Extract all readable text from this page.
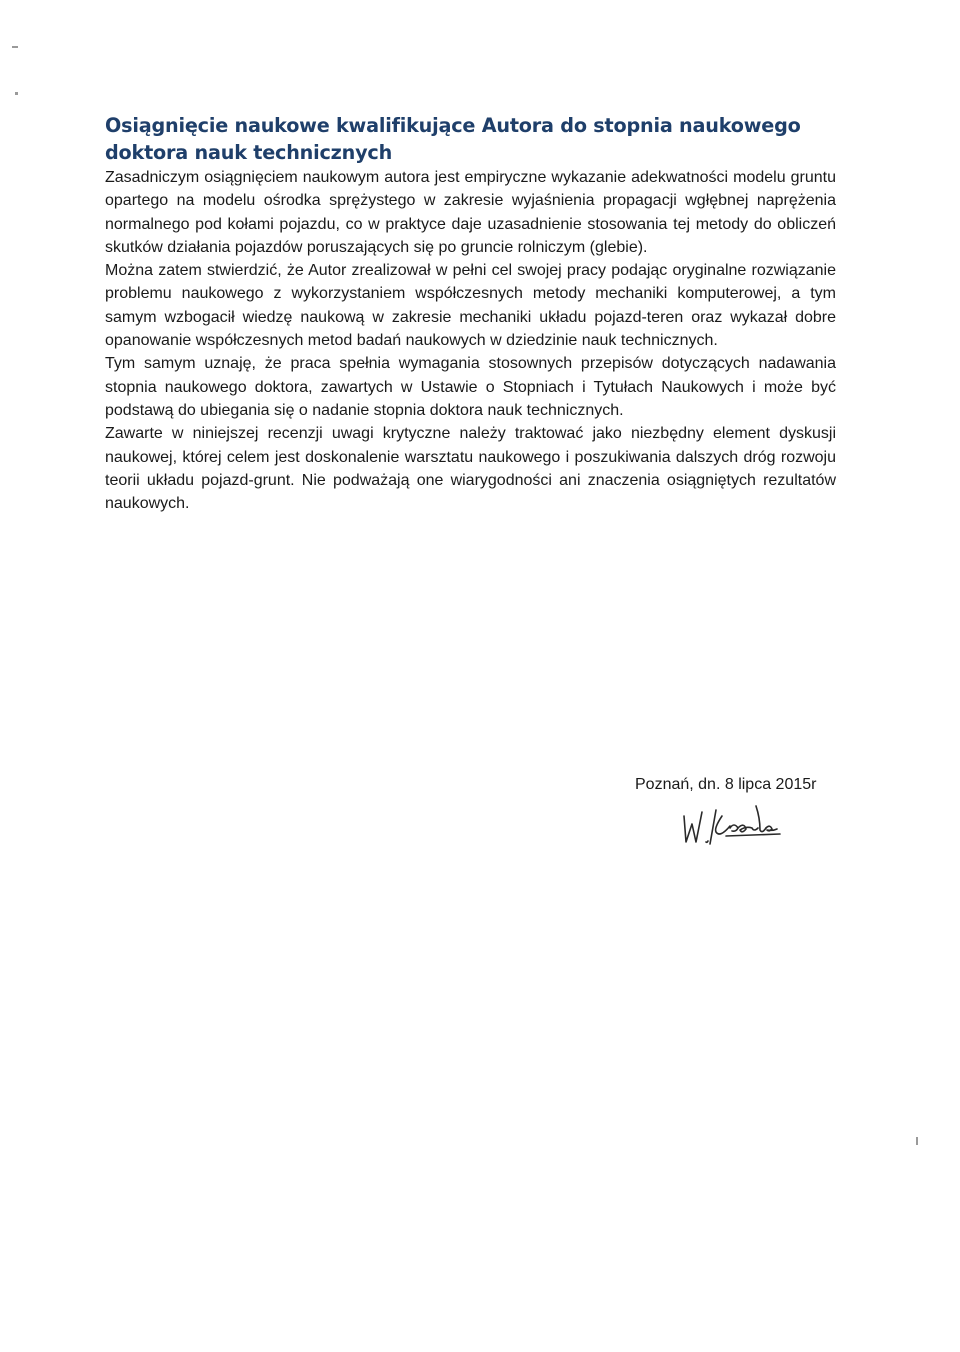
Osiągnięcie naukowe kwalifikujące Autora do stopnia naukowego doktora nauk technicznych

Zasadniczym osiągnięciem naukowym autora jest empiryczne wykazanie adekwatności modelu gruntu opartego na modelu ośrodka sprężystego w zakresie wyjaśnienia propagacji wgłębnej naprężenia normalnego pod kołami pojazdu, co w praktyce daje uzasadnienie stosowania tej metody do obliczeń skutków działania pojazdów poruszających się po gruncie rolniczym (glebie).

Można zatem stwierdzić, że Autor zrealizował w pełni cel swojej pracy podając oryginalne rozwiązanie problemu naukowego z wykorzystaniem współczesnych metody mechaniki komputerowej, a tym samym wzbogacił wiedzę naukową w zakresie mechaniki układu pojazd-teren oraz wykazał dobre opanowanie współczesnych metod badań naukowych w dziedzinie nauk technicznych.

Tym samym uznaję, że praca spełnia wymagania stosownych przepisów dotyczących nadawania stopnia naukowego doktora, zawartych w Ustawie o Stopniach i Tytułach Naukowych i może być podstawą do ubiegania się o nadanie stopnia doktora nauk technicznych.

Zawarte w niniejszej recenzji uwagi krytyczne należy traktować jako niezbędny element dyskusji naukowej, której celem jest doskonalenie warsztatu naukowego i poszukiwania dalszych dróg rozwoju teorii układu pojazd-grunt. Nie podważają one wiarygodności ani znaczenia osiągniętych rezultatów naukowych.

Poznań, dn. 8 lipca 2015r
